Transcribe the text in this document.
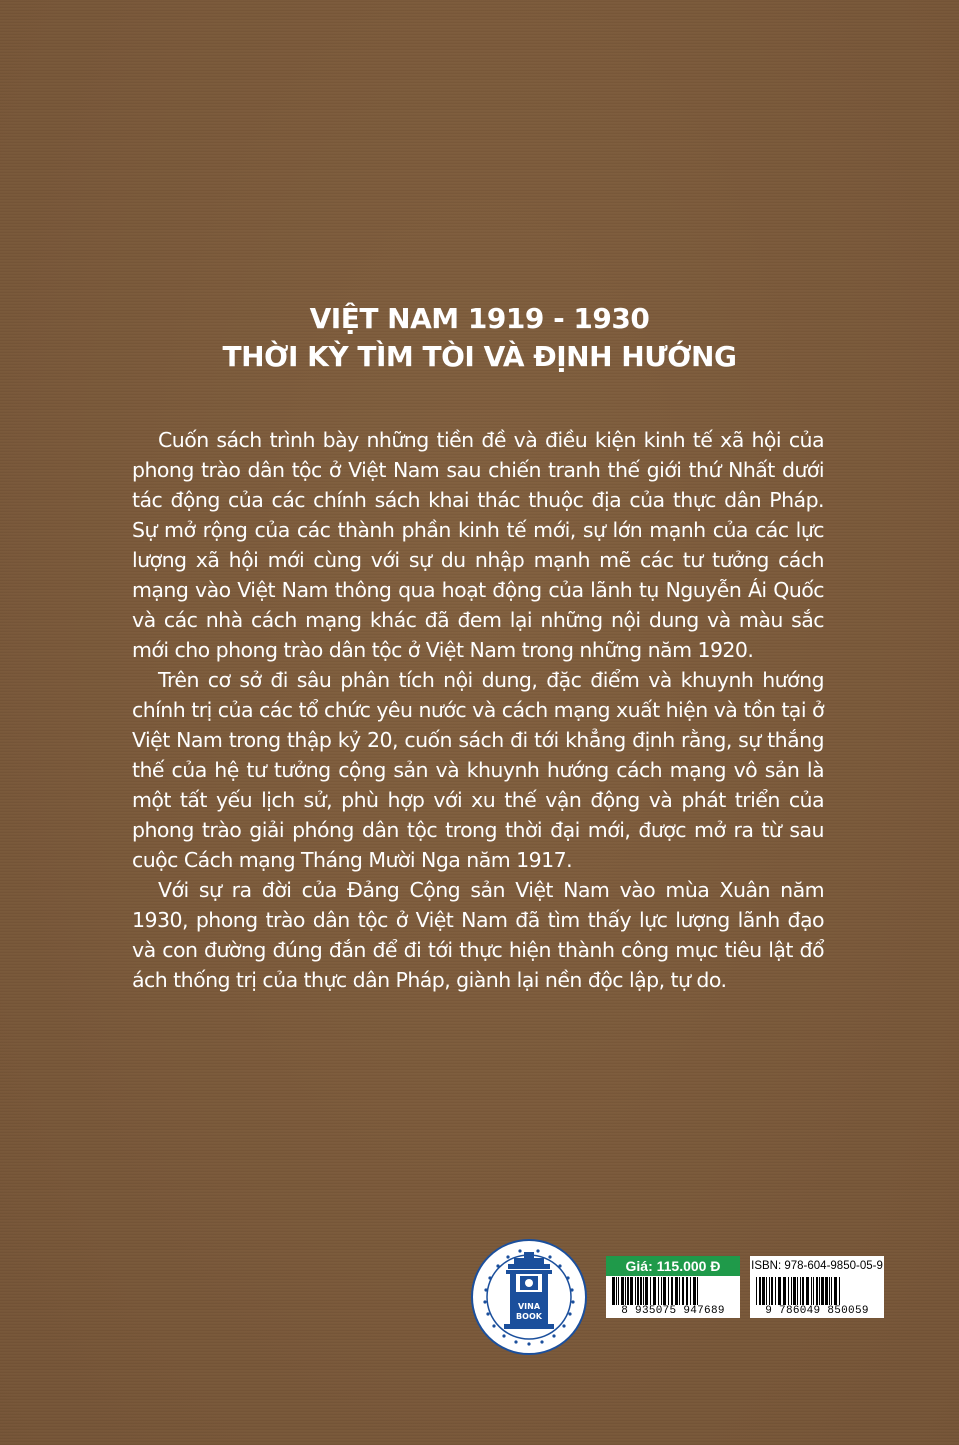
VIỆT NAM 1919 - 1930
THỜI KỲ TÌM TÒI VÀ ĐỊNH HƯỚNG

Cuốn sách trình bày những tiền đề và điều kiện kinh tế xã hội của phong trào dân tộc ở Việt Nam sau chiến tranh thế giới thứ Nhất dưới tác động của các chính sách khai thác thuộc địa của thực dân Pháp. Sự mở rộng của các thành phần kinh tế mới, sự lớn mạnh của các lực lượng xã hội mới cùng với sự du nhập mạnh mẽ các tư tưởng cách mạng vào Việt Nam thông qua hoạt động của lãnh tụ Nguyễn Ái Quốc và các nhà cách mạng khác đã đem lại những nội dung và màu sắc mới cho phong trào dân tộc ở Việt Nam trong những năm 1920.

Trên cơ sở đi sâu phân tích nội dung, đặc điểm và khuynh hướng chính trị của các tổ chức yêu nước và cách mạng xuất hiện và tồn tại ở Việt Nam trong thập kỷ 20, cuốn sách đi tới khẳng định rằng, sự thắng thế của hệ tư tưởng cộng sản và khuynh hướng cách mạng vô sản là một tất yếu lịch sử, phù hợp với xu thế vận động và phát triển của phong trào giải phóng dân tộc trong thời đại mới, được mở ra từ sau cuộc Cách mạng Tháng Mười Nga năm 1917.

Với sự ra đời của Đảng Cộng sản Việt Nam vào mùa Xuân năm 1930, phong trào dân tộc ở Việt Nam đã tìm thấy lực lượng lãnh đạo và con đường đúng đắn để đi tới thực hiện thành công mục tiêu lật đổ ách thống trị của thực dân Pháp, giành lại nền độc lập, tự do.

VINA
BOOK
Giá: 115.000 Đ
8 935075 947689
ISBN: 978-604-9850-05-9
9 786049 850059
